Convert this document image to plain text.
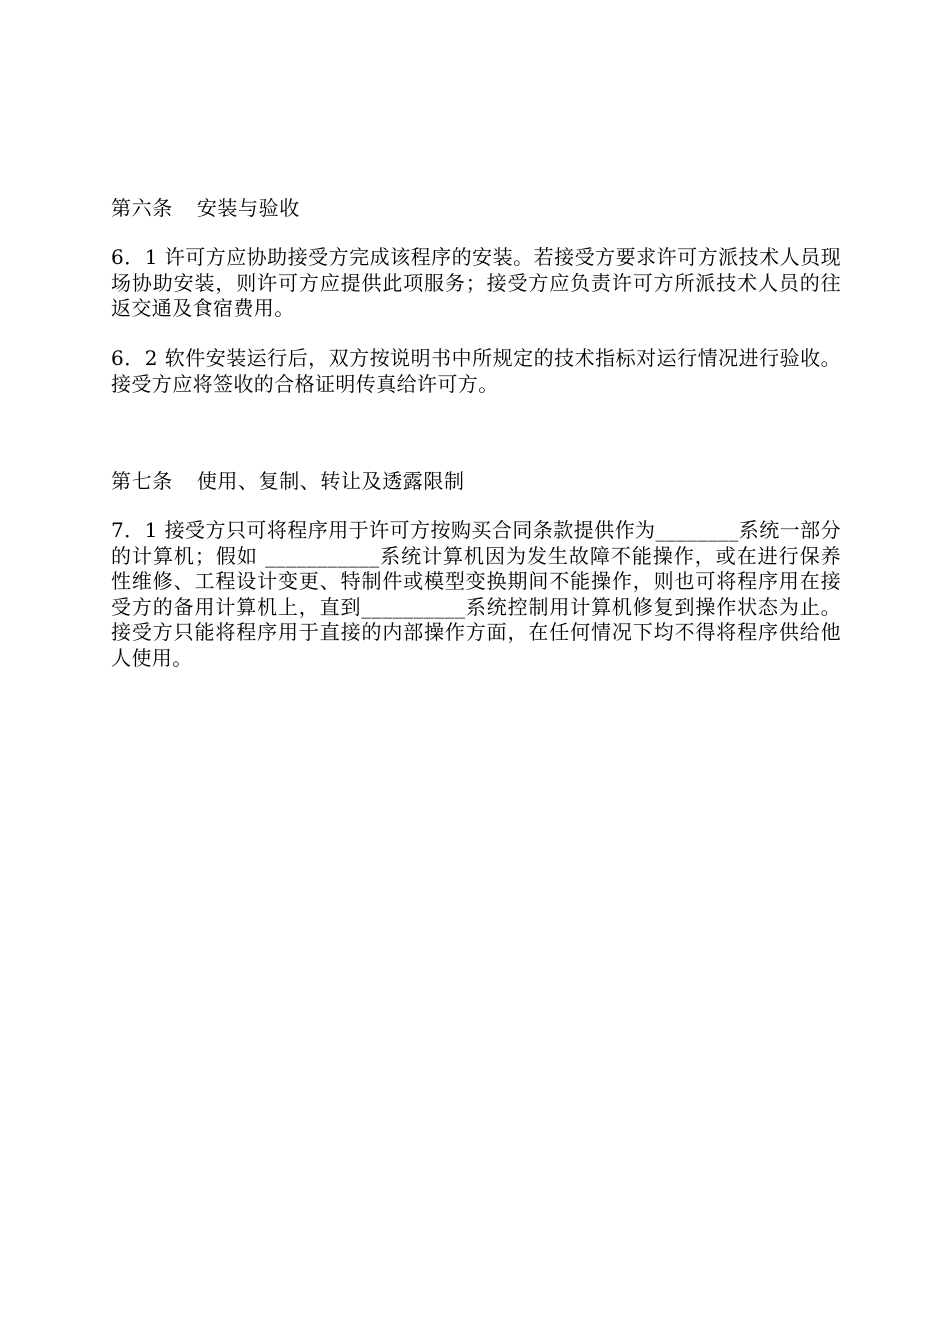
第六条 安装与验收

6．1 许可方应协助接受方完成该程序的安装。若接受方要求许可方派技术人员现场协助安装，则许可方应提供此项服务；接受方应负责许可方所派技术人员的往返交通及食宿费用。

6．2 软件安装运行后，双方按说明书中所规定的技术指标对运行情况进行验收。接受方应将签收的合格证明传真给许可方。

第七条 使用、复制、转让及透露限制

7．1 接受方只可将程序用于许可方按购买合同条款提供作为________系统一部分的计算机；假如 ___________系统计算机因为发生故障不能操作，或在进行保养性维修、工程设计变更、特制件或模型变换期间不能操作，则也可将程序用在接受方的备用计算机上，直到__________系统控制用计算机修复到操作状态为止。接受方只能将程序用于直接的内部操作方面，在任何情况下均不得将程序供给他人使用。
